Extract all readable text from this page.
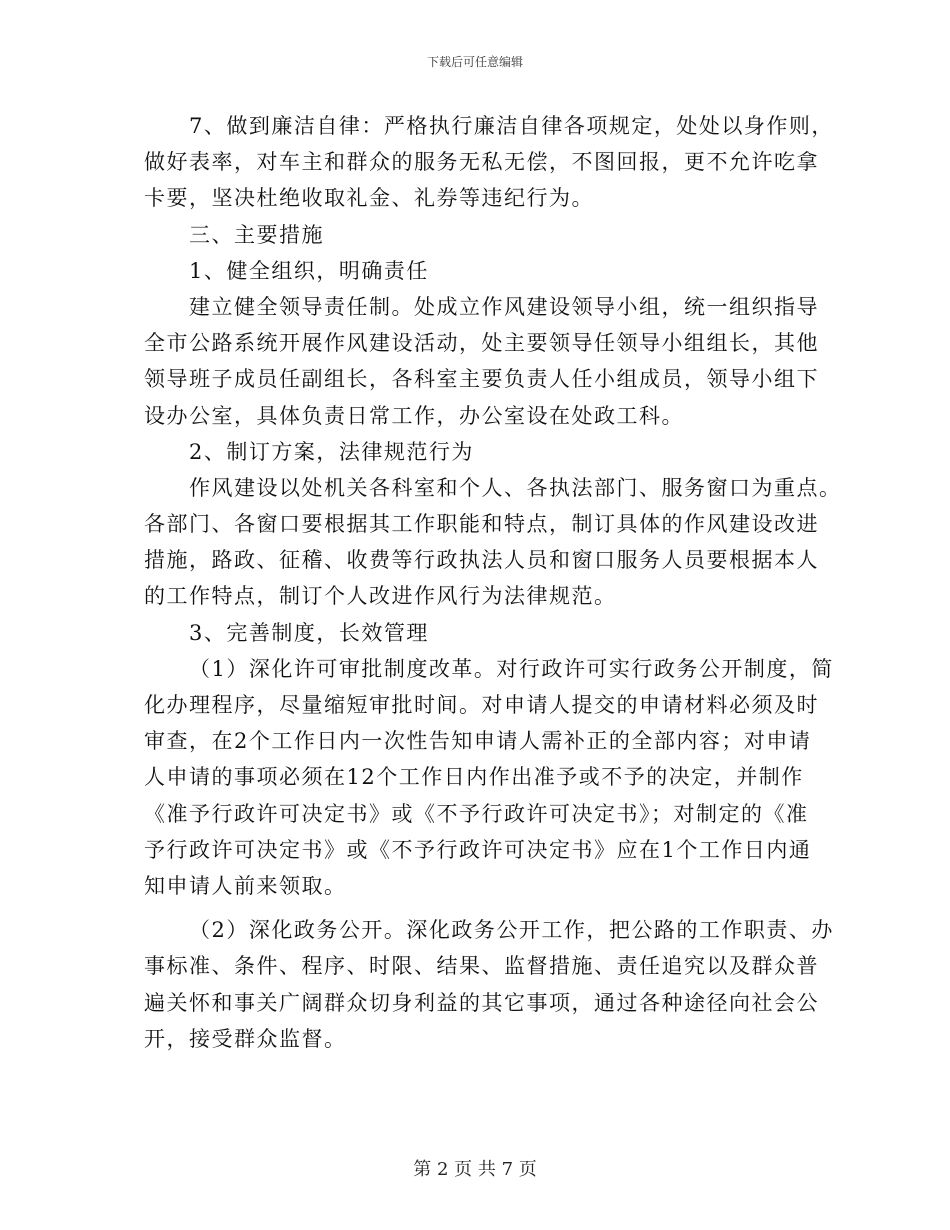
下载后可任意编辑
7、做到廉洁自律：严格执行廉洁自律各项规定，处处以身作则，
做好表率，对车主和群众的服务无私无偿，不图回报，更不允许吃拿
卡要，坚决杜绝收取礼金、礼券等违纪行为。
三、主要措施
1、健全组织，明确责任
建立健全领导责任制。处成立作风建设领导小组，统一组织指导
全市公路系统开展作风建设活动，处主要领导任领导小组组长，其他
领导班子成员任副组长，各科室主要负责人任小组成员，领导小组下
设办公室，具体负责日常工作，办公室设在处政工科。
2、制订方案，法律规范行为
作风建设以处机关各科室和个人、各执法部门、服务窗口为重点。
各部门、各窗口要根据其工作职能和特点，制订具体的作风建设改进
措施，路政、征稽、收费等行政执法人员和窗口服务人员要根据本人
的工作特点，制订个人改进作风行为法律规范。
3、完善制度，长效管理
（1）深化许可审批制度改革。对行政许可实行政务公开制度，简
化办理程序，尽量缩短审批时间。对申请人提交的申请材料必须及时
审查，在2个工作日内一次性告知申请人需补正的全部内容；对申请
人申请的事项必须在12个工作日内作出准予或不予的决定，并制作
《准予行政许可决定书》或《不予行政许可决定书》；对制定的《准
予行政许可决定书》或《不予行政许可决定书》应在1个工作日内通
知申请人前来领取。
（2）深化政务公开。深化政务公开工作，把公路的工作职责、办
事标准、条件、程序、时限、结果、监督措施、责任追究以及群众普
遍关怀和事关广阔群众切身利益的其它事项，通过各种途径向社会公
开，接受群众监督。
第 2 页 共 7 页
